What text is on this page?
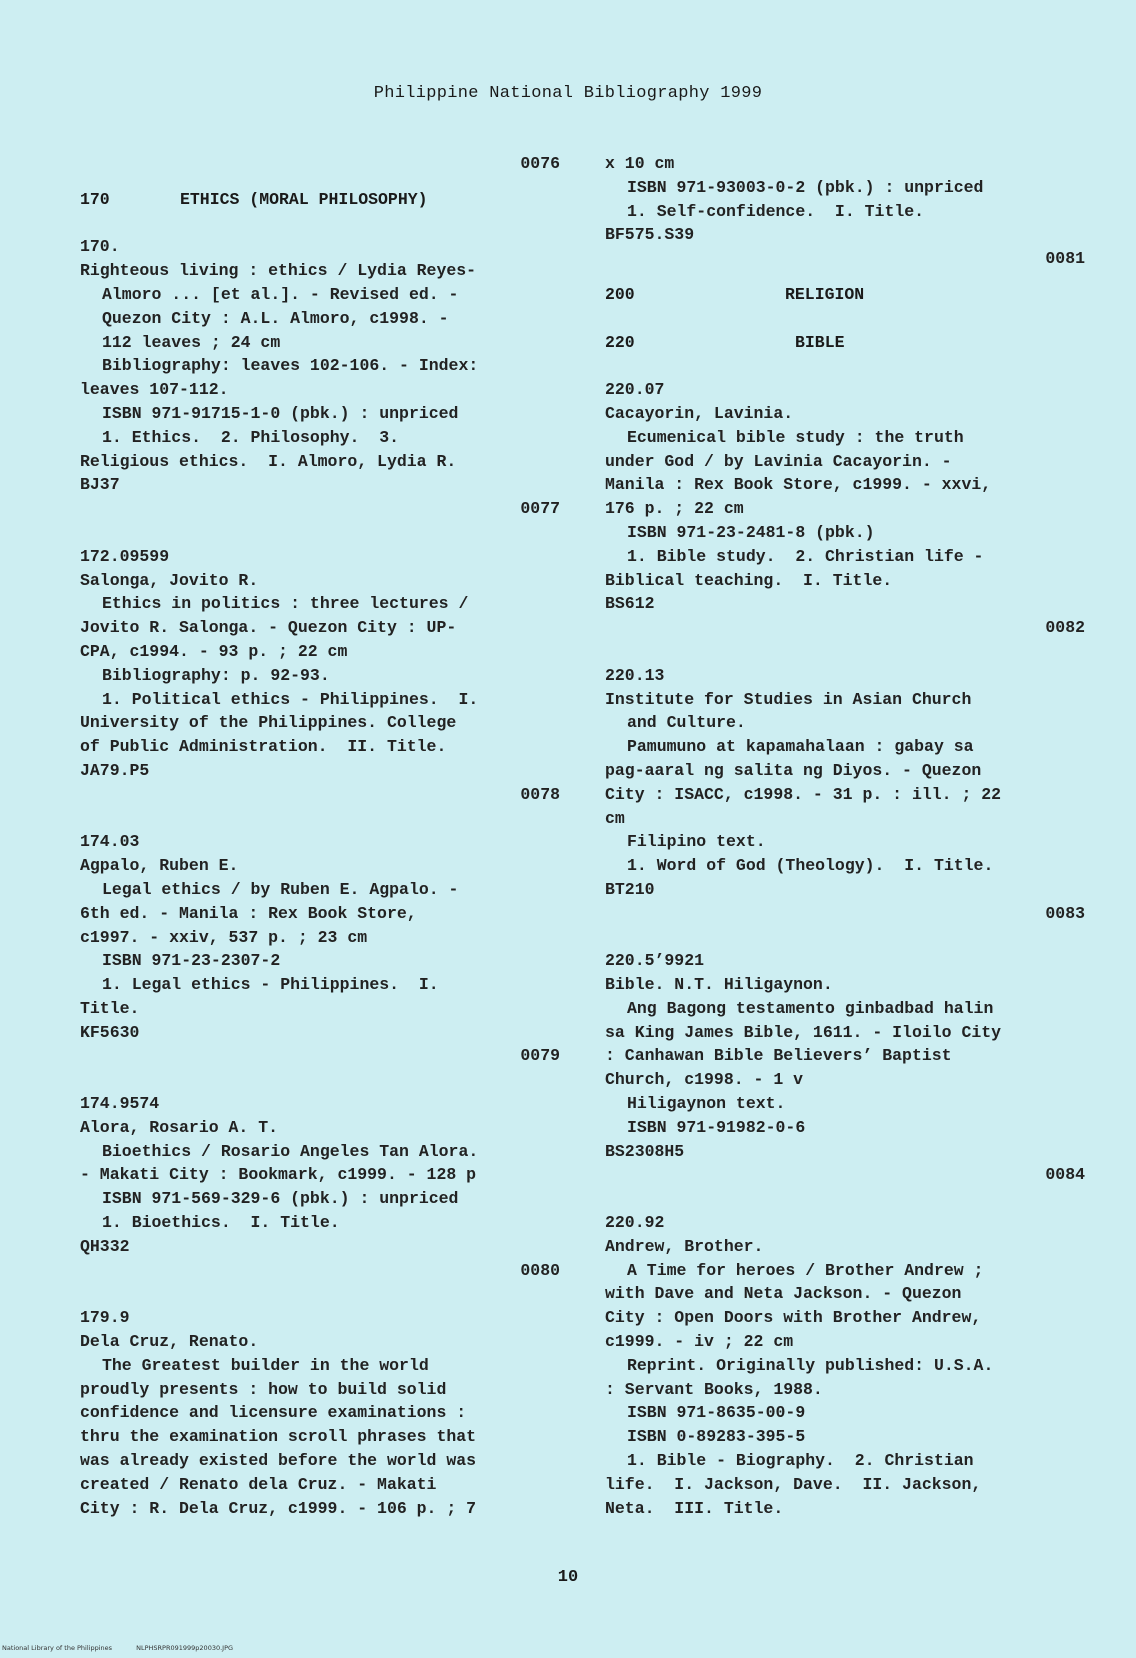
Philippine National Bibliography 1999
0076
170	ETHICS (MORAL PHILOSOPHY)
170.
Righteous living : ethics / Lydia Reyes-
Almoro ... [et al.]. - Revised ed. -
Quezon City : A.L. Almoro, c1998. -
112 leaves ; 24 cm
Bibliography: leaves 102-106. - Index:
leaves 107-112.
ISBN 971-91715-1-0 (pbk.) : unpriced
1. Ethics.  2. Philosophy.  3.
Religious ethics.  I. Almoro, Lydia R.
BJ37
0077
172.09599
Salonga, Jovito R.
Ethics in politics : three lectures /
Jovito R. Salonga. - Quezon City : UP-
CPA, c1994. - 93 p. ; 22 cm
Bibliography: p. 92-93.
1. Political ethics - Philippines.  I.
University of the Philippines. College
of Public Administration.  II. Title.
JA79.P5
0078
174.03
Agpalo, Ruben E.
Legal ethics / by Ruben E. Agpalo. -
6th ed. - Manila : Rex Book Store,
c1997. - xxiv, 537 p. ; 23 cm
ISBN 971-23-2307-2
1. Legal ethics - Philippines.  I.
Title.
KF5630
0079
174.9574
Alora, Rosario A. T.
Bioethics / Rosario Angeles Tan Alora.
- Makati City : Bookmark, c1999. - 128 p
ISBN 971-569-329-6 (pbk.) : unpriced
1. Bioethics.  I. Title.
QH332
0080
179.9
Dela Cruz, Renato.
The Greatest builder in the world
proudly presents : how to build solid
confidence and licensure examinations :
thru the examination scroll phrases that
was already existed before the world was
created / Renato dela Cruz. - Makati
City : R. Dela Cruz, c1999. - 106 p. ; 7
x 10 cm
ISBN 971-93003-0-2 (pbk.) : unpriced
1. Self-confidence.  I. Title.
BF575.S39
0081
200	RELIGION
220	BIBLE
220.07
Cacayorin, Lavinia.
Ecumenical bible study : the truth
under God / by Lavinia Cacayorin. -
Manila : Rex Book Store, c1999. - xxvi,
176 p. ; 22 cm
ISBN 971-23-2481-8 (pbk.)
1. Bible study.  2. Christian life -
Biblical teaching.  I. Title.
BS612
0082
220.13
Institute for Studies in Asian Church
and Culture.
Pamumuno at kapamahalaan : gabay sa
pag-aaral ng salita ng Diyos. - Quezon
City : ISACC, c1998. - 31 p. : ill. ; 22
cm
Filipino text.
1. Word of God (Theology).  I. Title.
BT210
0083
220.5’9921
Bible. N.T. Hiligaynon.
Ang Bagong testamento ginbadbad halin
sa King James Bible, 1611. - Iloilo City
: Canhawan Bible Believers’ Baptist
Church, c1998. - 1 v
Hiligaynon text.
ISBN 971-91982-0-6
BS2308H5
0084
220.92
Andrew, Brother.
A Time for heroes / Brother Andrew ;
with Dave and Neta Jackson. - Quezon
City : Open Doors with Brother Andrew,
c1999. - iv ; 22 cm
Reprint. Originally published: U.S.A.
: Servant Books, 1988.
ISBN 971-8635-00-9
ISBN 0-89283-395-5
1. Bible - Biography.  2. Christian
life.  I. Jackson, Dave.  II. Jackson,
Neta.  III. Title.
10
National Library of the Philippines	NLPHSRPR091999p20030.JPG
